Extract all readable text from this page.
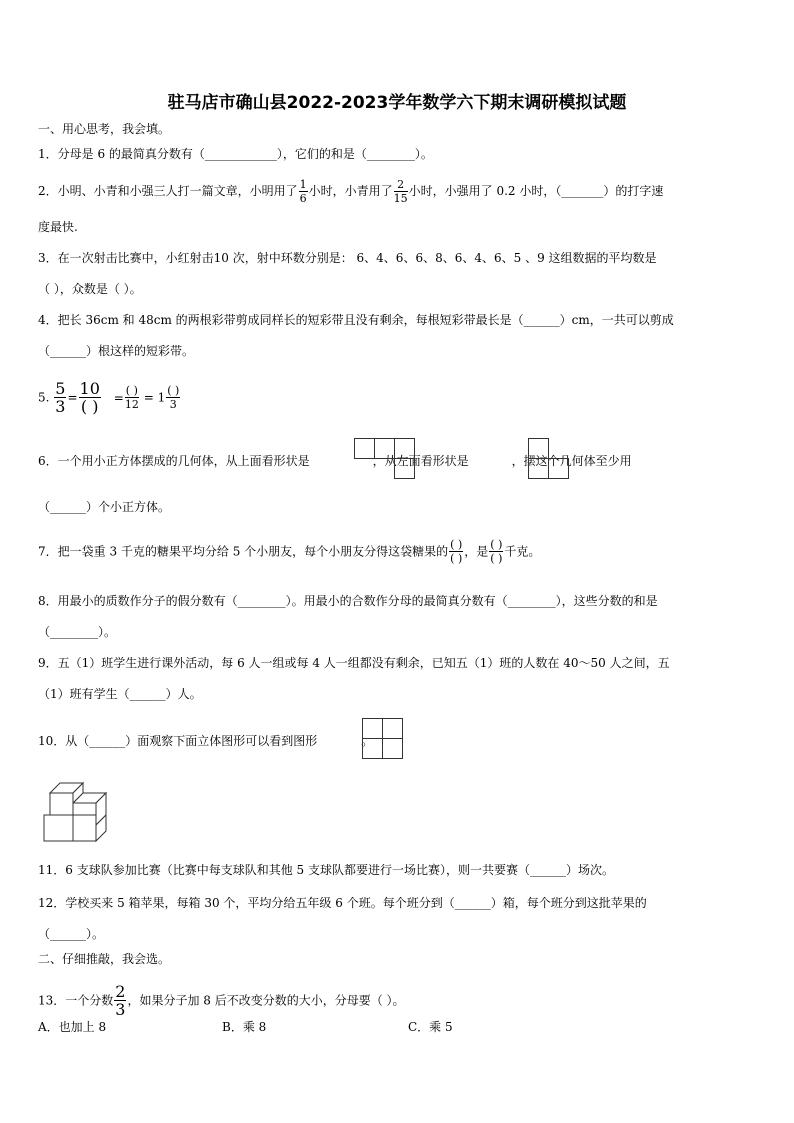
驻马店市确山县2022-2023学年数学六下期末调研模拟试题
一、用心思考，我会填。
1．分母是 6 的最简真分数有（____________），它们的和是（________）。
2．小明、小青和小强三人打一篇文章，小明用了 $\frac{1}{6}$ 小时，小青用了 $\frac{2}{15}$ 小时，小强用了 0.2 小时，（_______）的打字速
度最快.
3．在一次射击比赛中，小红射击10 次，射中环数分别是： 6、4、6、6、8、6、4、6、5 、9 这组数据的平均数是
（ ），众数是（ ）。
4．把长 36cm 和 48cm 的两根彩带剪成同样长的短彩带且没有剩余，每根短彩带最长是（______）cm，一共可以剪成
（______）根这样的短彩带。
5. $\frac{5}{3} = \frac{10}{( )} = \frac{( )}{12} = 1 \frac{( )}{3}$
6．一个用小正方体摆成的几何体，从上面看形状是	，从左面看形状是	，摆这个几何体至少用
（______）个小正方体。
7．把一袋重 3 千克的糖果平均分给 5 个小朋友，每个小朋友分得这袋糖果的 $\frac{( )}{( )}$ ，是 $\frac{( )}{( )}$ 千克。
8．用最小的质数作分子的假分数有（________）。用最小的合数作分母的最简真分数有（________），这些分数的和是
（________）。
9．五（1）班学生进行课外活动，每 6 人一组或每 4 人一组都没有剩余，已知五（1）班的人数在 40～50 人之间，五
（1）班有学生（______）人。
10．从（______）面观察下面立体图形可以看到图形	。
11．6 支球队参加比赛（比赛中每支球队和其他 5 支球队都要进行一场比赛），则一共要赛（______）场次。
12．学校买来 5 箱苹果，每箱 30 个，平均分给五年级 6 个班。每个班分到（______）箱，每个班分到这批苹果的
（______）。
二、仔细推敲，我会选。
13．一个分数 $\frac{2}{3}$ ，如果分子加 8 后不改变分数的大小，分母要（ ）。
A．也加上 8	B．乘 8	C．乘 5
